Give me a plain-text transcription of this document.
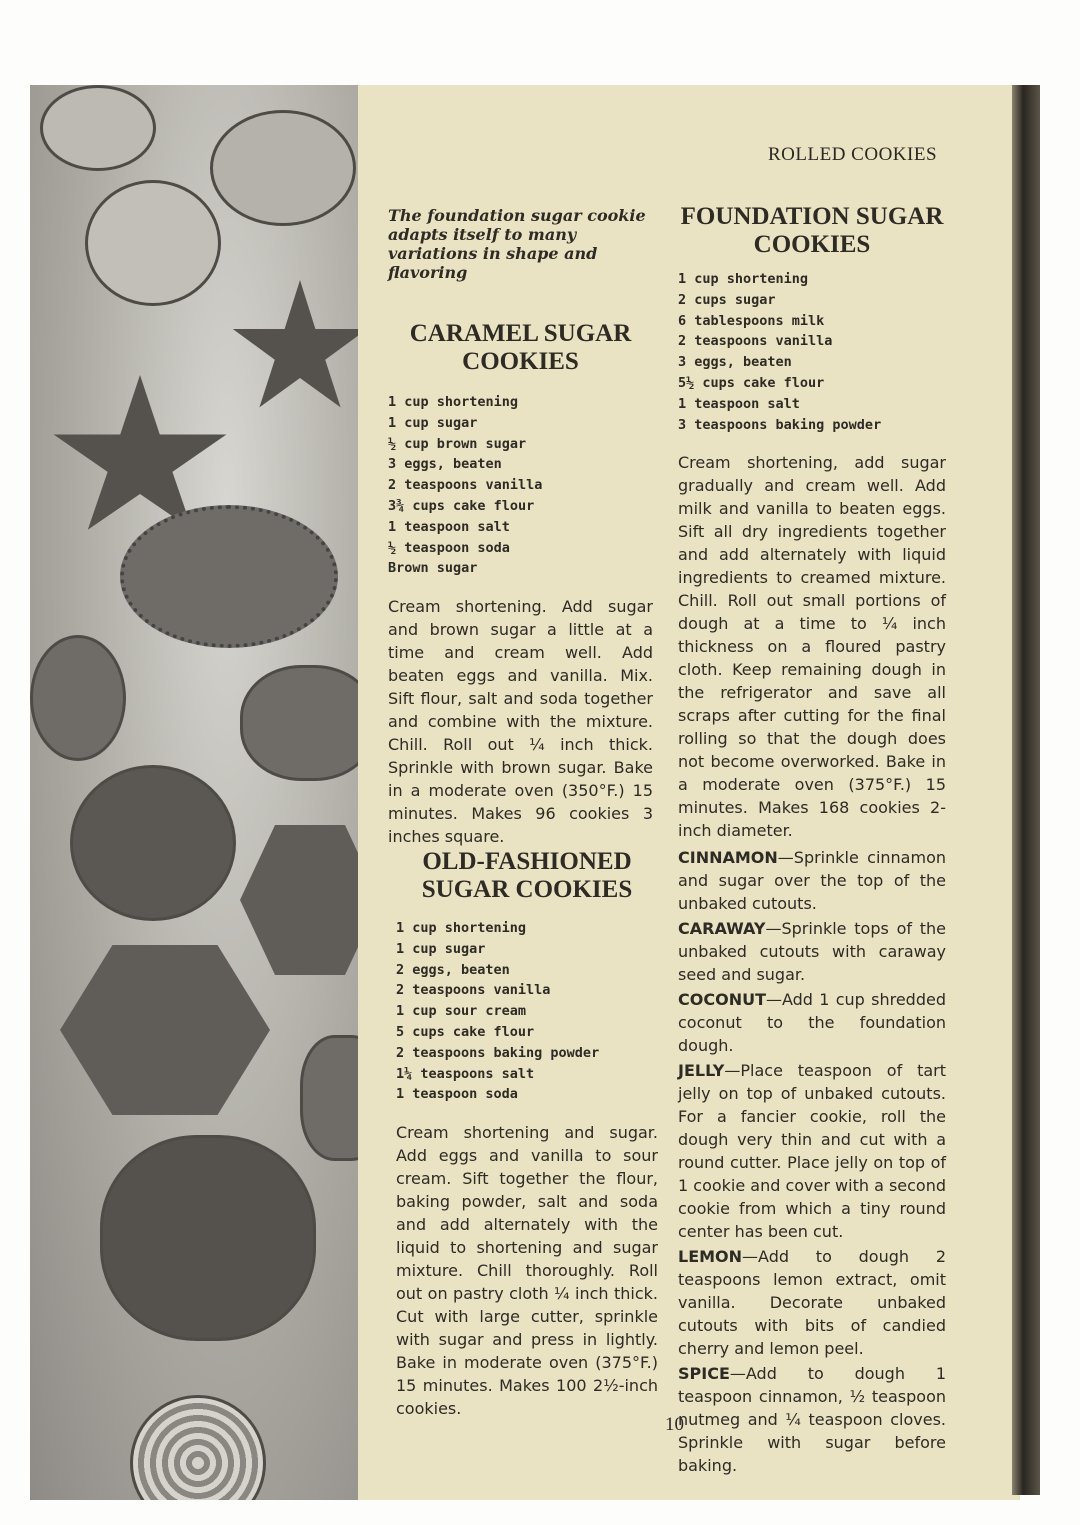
ROLLED COOKIES
The foundation sugar cookie adapts itself to many variations in shape and flavoring
CARAMEL SUGAR COOKIES
1 cup shortening
1 cup sugar
½ cup brown sugar
3 eggs, beaten
2 teaspoons vanilla
3¾ cups cake flour
1 teaspoon salt
½ teaspoon soda
Brown sugar

Cream shortening. Add sugar and brown sugar a little at a time and cream well. Add beaten eggs and vanilla. Mix. Sift flour, salt and soda together and combine with the mixture. Chill. Roll out ¼ inch thick. Sprinkle with brown sugar. Bake in a moderate oven (350°F.) 15 minutes. Makes 96 cookies 3 inches square.

OLD-FASHIONED SUGAR COOKIES
1 cup shortening
1 cup sugar
2 eggs, beaten
2 teaspoons vanilla
1 cup sour cream
5 cups cake flour
2 teaspoons baking powder
1¼ teaspoons salt
1 teaspoon soda

Cream shortening and sugar. Add eggs and vanilla to sour cream. Sift together the flour, baking powder, salt and soda and add alternately with the liquid to shortening and sugar mixture. Chill thoroughly. Roll out on pastry cloth ¼ inch thick. Cut with large cutter, sprinkle with sugar and press in lightly. Bake in moderate oven (375°F.) 15 minutes. Makes 100 2½-inch cookies.

FOUNDATION SUGAR COOKIES
1 cup shortening
2 cups sugar
6 tablespoons milk
2 teaspoons vanilla
3 eggs, beaten
5½ cups cake flour
1 teaspoon salt
3 teaspoons baking powder

Cream shortening, add sugar gradually and cream well. Add milk and vanilla to beaten eggs. Sift all dry ingredients together and add alternately with liquid ingredients to creamed mixture. Chill. Roll out small portions of dough at a time to ¼ inch thickness on a floured pastry cloth. Keep remaining dough in the refrigerator and save all scraps after cutting for the final rolling so that the dough does not become overworked. Bake in a moderate oven (375°F.) 15 minutes. Makes 168 cookies 2-inch diameter.

CINNAMON—Sprinkle cinnamon and sugar over the top of the unbaked cutouts.

CARAWAY—Sprinkle tops of the unbaked cutouts with caraway seed and sugar.

COCONUT—Add 1 cup shredded coconut to the foundation dough.

JELLY—Place teaspoon of tart jelly on top of unbaked cutouts. For a fancier cookie, roll the dough very thin and cut with a round cutter. Place jelly on top of 1 cookie and cover with a second cookie from which a tiny round center has been cut.

LEMON—Add to dough 2 teaspoons lemon extract, omit vanilla. Decorate unbaked cutouts with bits of candied cherry and lemon peel.

SPICE—Add to dough 1 teaspoon cinnamon, ½ teaspoon nutmeg and ¼ teaspoon cloves. Sprinkle with sugar before baking.

10
